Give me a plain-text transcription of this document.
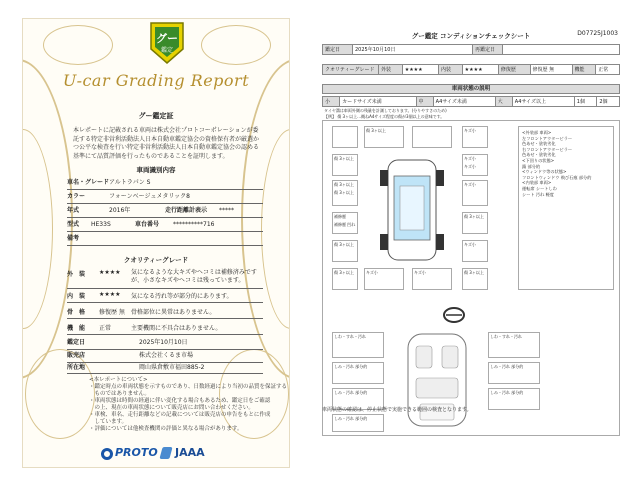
グー
鑑定
U-car Grading Report
グー鑑定証
本レポートに記載される車両は株式会社プロトコーポレーションが委託する特定非営利活動法人日本自動車鑑定協会の資格保有者が厳選かつ公平な検査を行い特定非営利活動法人日本自動車鑑定協会の認める基準にて品質評価を行ったものであることを証明します。
車両識別内容
車名・グレード アルトラパン S
カラー	フォーンベージュメタリック8
年式	2016年	走行距離計表示 *****
型式 HE33S	車台番号 **********716
備考
クオリティーグレード
外　装 ★★★★ 気になるような大キズやヘコミは補修済みですが、小さなキズやヘコミは残っています。
内　装 ★★★★ 気になる汚れ等が部分的にあります。
骨　格 修復歴 無 骨格部位に異常はありません。
機　能 正常	主要機関に不具合はありません。
鑑定日	2025年10月10日
販売店	株式会社くるま市場
所在地	岡山県倉敷市福田885-2
<本レポートについて>
・鑑定時点の車両状態を示すものであり、日数経過により当初の品質を保証する
　ものではありません。
・車両状態は時間の経過に伴い変化する場合もあるため、鑑定日をご確認
　の上、現在の車両状態について販売店にお問い合わせください。
・車検、車名、走行距離などの記載については販売店の申告をもとに作成
　しています。
・評価については他検査機関の評価と異なる場合があります。
PROTO JAAA
D07725J1003
グー鑑定 コンディションチェックシート
鑑定日	2025年10月10日	再鑑定日	
クオリティーグレード	外装	★★★★	内装	★★★★	修復歴	修復歴 無	機能	正常
車両状態の説明
小	カードサイズ未満	中	A4サイズ未満	大	A4サイズ以上	1個	2個
タイヤ溝は車両外側の残量を計測しております。(分りやすさのため)
【例】 傷 3ヶ以上…概ねA4サイズ程度の傷が3個以上の意味です。
傷 3ヶ以上	キズ小
傷 3ヶ以上	キズ小
キズ小
傷 3ヶ以上
傷 3ヶ以上
補修歴
キズ小
補修歴 凹れ
傷 3ヶ以上
傷 3ヶ以上	キズ小
キズ小	キズ小
傷 3ヶ以上	傷 3ヶ以上
<外装部 車両>
左フロントアウターピラー
色あせ・塗装劣化
右フロントアウターピラー
色あせ・塗装劣化
<下回りの状態>
錆 部分的
<ウィンドウ等の状態>
フロントウィンドウ 飛び石痕 部分的
<内装部 車両>
運転席 シートしわ
シート 汚れ 軽度
しわ・すれ・汚れ	しわ・すれ・汚れ
しみ・汚れ 部分的	しみ・汚れ 部分的
しみ・汚れ 部分的	しみ・汚れ 部分的
しみ・汚れ 部分的
車両状態の確認は、停止状態で実施できる範囲の検査となります。
